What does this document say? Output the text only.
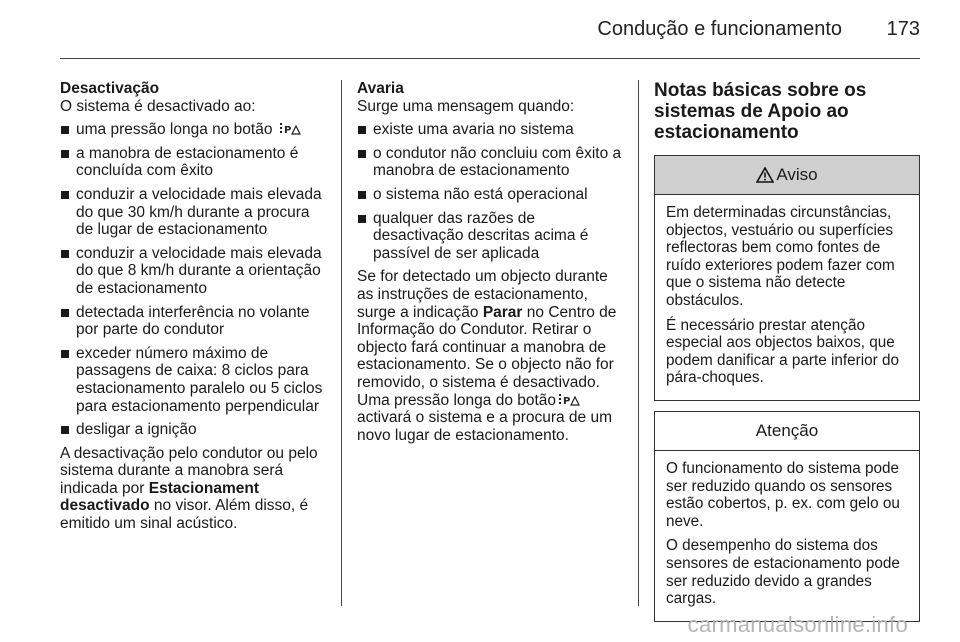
Condução e funcionamento 173
Desactivação

O sistema é desactivado ao:

uma pressão longa no botão P
a manobra de estacionamento é concluída com êxito
conduzir a velocidade mais elevada do que 30 km/h durante a procura de lugar de estacionamento
conduzir a velocidade mais elevada do que 8 km/h durante a orientação de estacionamento
detectada interferência no volante por parte do condutor
exceder número máximo de passagens de caixa: 8 ciclos para estacionamento paralelo ou 5 ciclos para estacionamento perpendicular
desligar a ignição

A desactivação pelo condutor ou pelo sistema durante a manobra será indicada por Estacionament desactivado no visor. Além disso, é emitido um sinal acústico.

Avaria

Surge uma mensagem quando:

existe uma avaria no sistema
o condutor não concluiu com êxito a manobra de estacionamento
o sistema não está operacional
qualquer das razões de desactivação descritas acima é passível de ser aplicada

Se for detectado um objecto durante as instruções de estacionamento, surge a indicação Parar no Centro de Informação do Condutor. Retirar o objecto fará continuar a manobra de estacionamento. Se o objecto não for removido, o sistema é desactivado. Uma pressão longa do botão P
activará o sistema e a procura de um novo lugar de estacionamento.

Notas básicas sobre os sistemas de Apoio ao estacionamento
Aviso

Em determinadas circunstâncias, objectos, vestuário ou superfícies reflectoras bem como fontes de ruído exteriores podem fazer com que o sistema não detecte obstáculos.

É necessário prestar atenção especial aos objectos baixos, que podem danificar a parte inferior do pára-choques.

Atenção

O funcionamento do sistema pode ser reduzido quando os sensores estão cobertos, p. ex. com gelo ou neve.

O desempenho do sistema dos sensores de estacionamento pode ser reduzido devido a grandes cargas.

carmanualsonline.info
